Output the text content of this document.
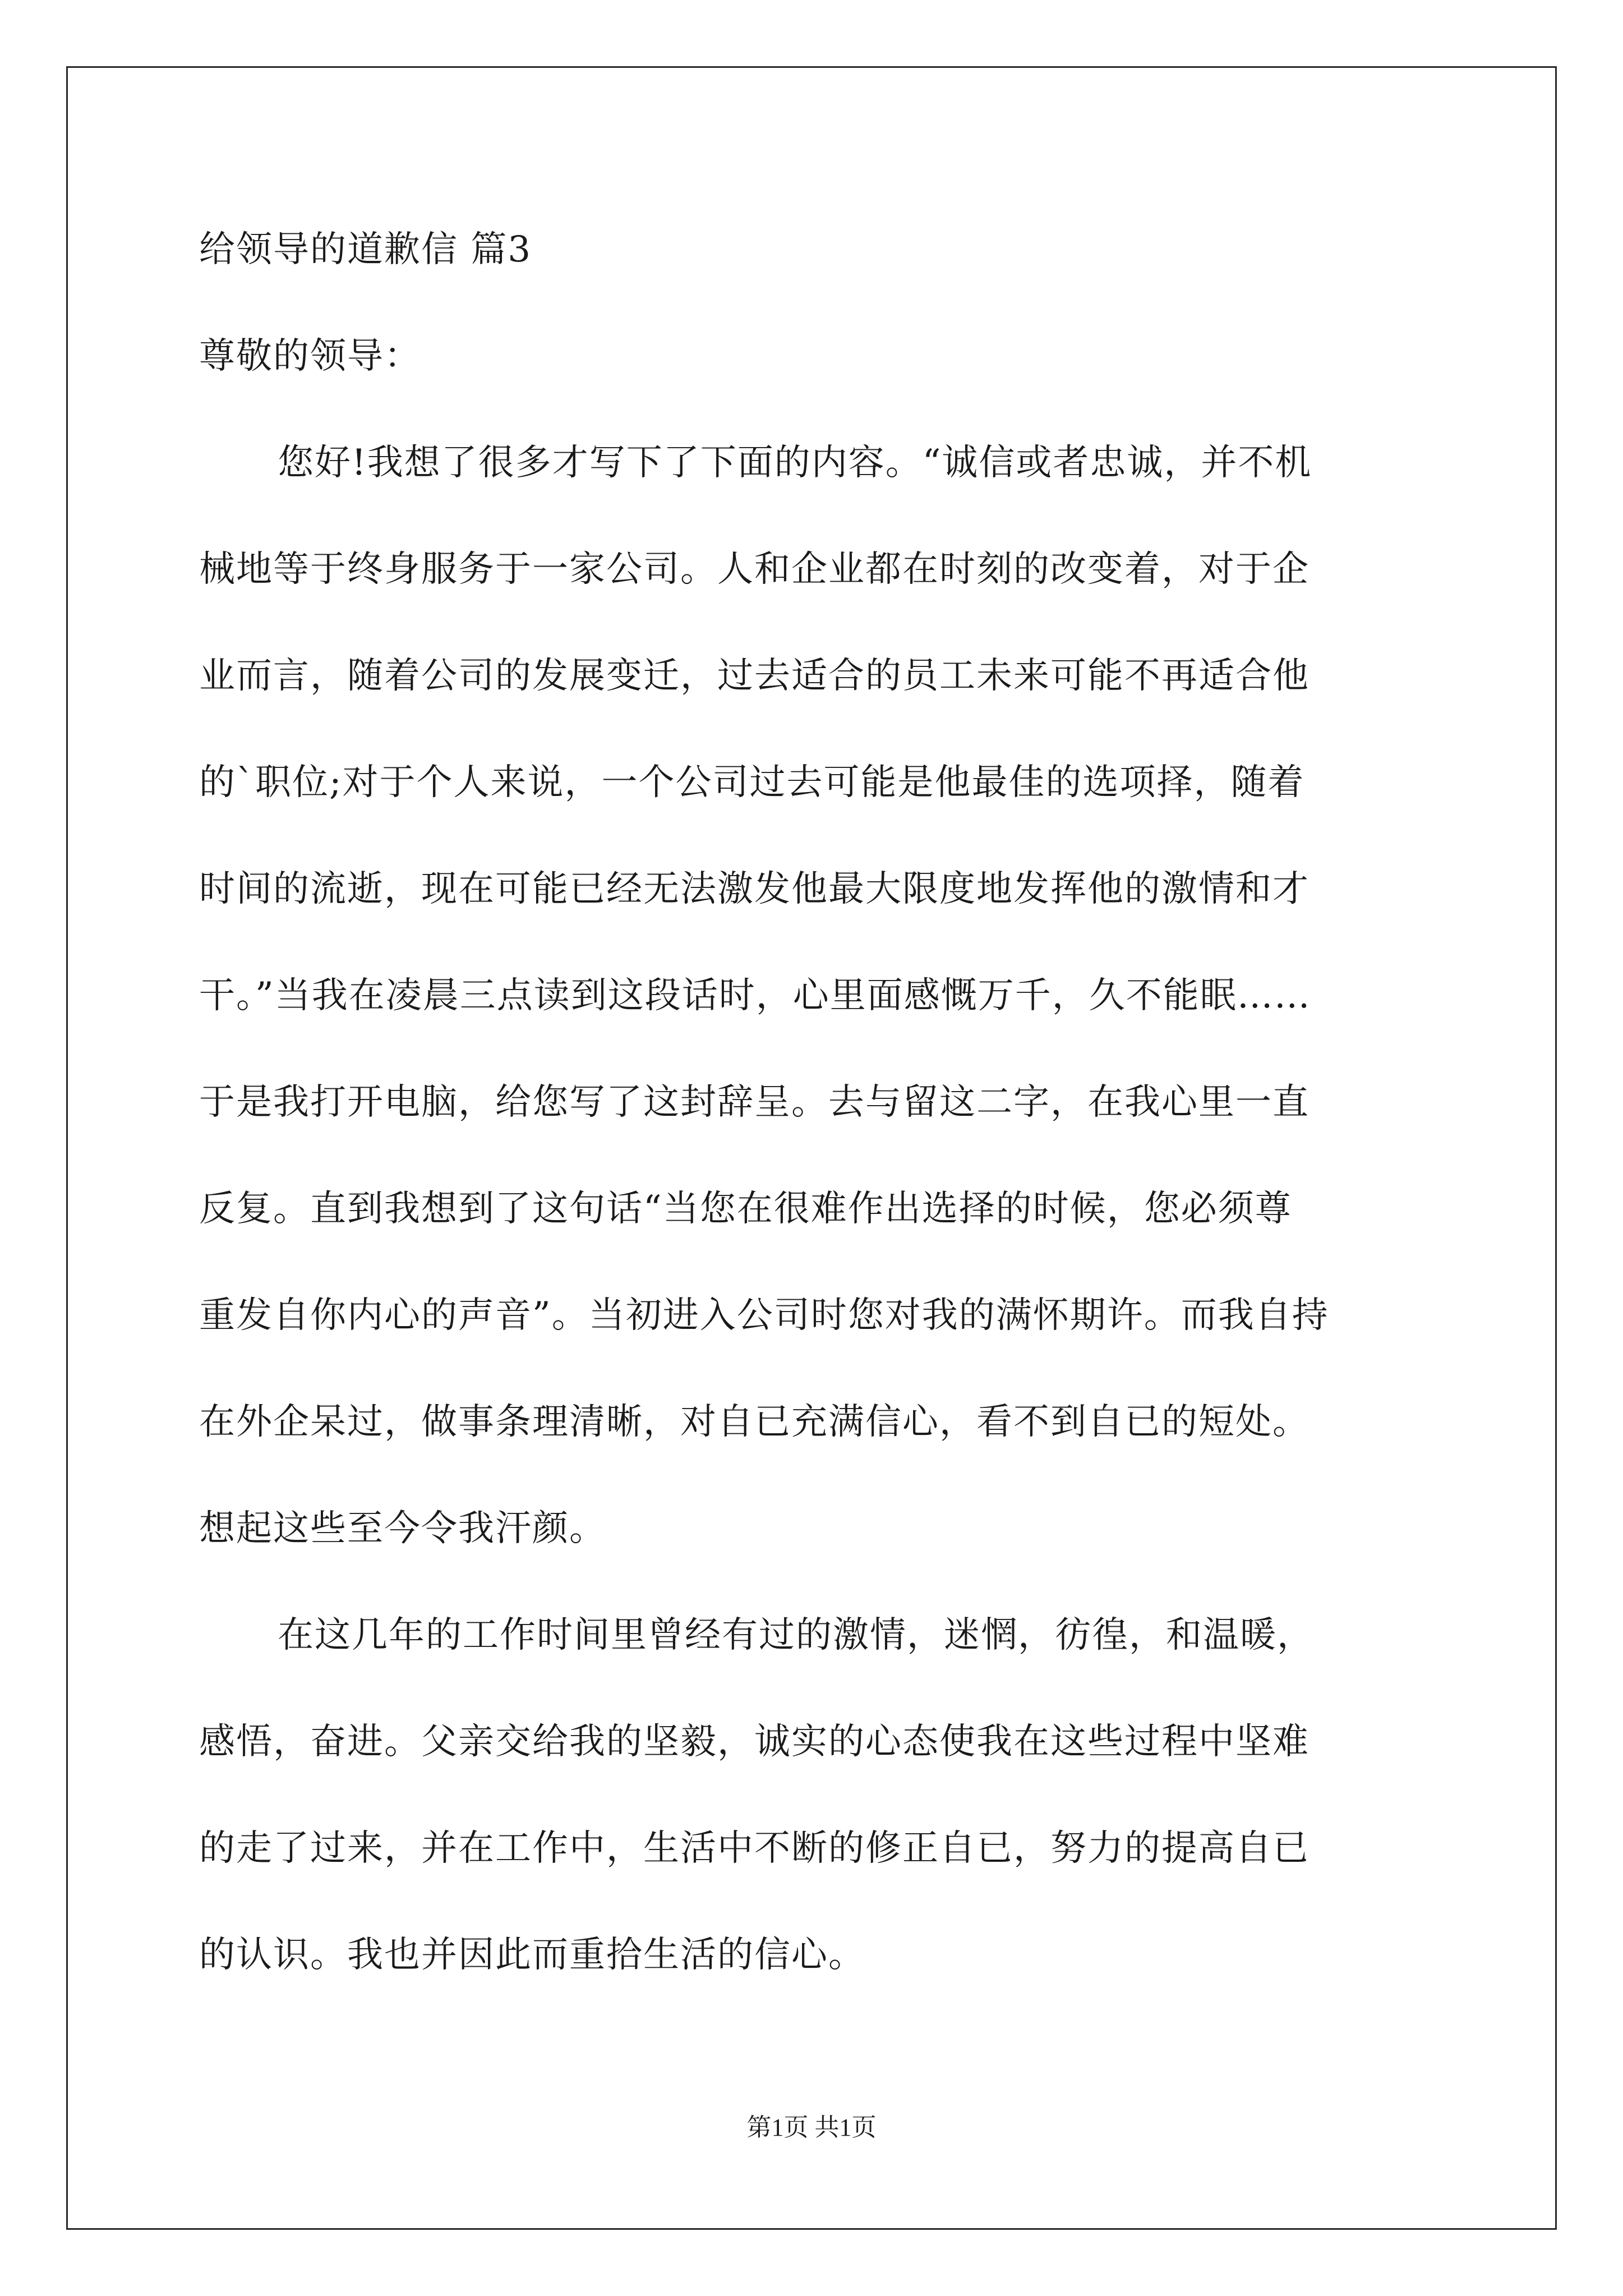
给领导的道歉信 篇3
尊敬的领导：
您好!我想了很多才写下了下面的内容。“诚信或者忠诚，并不机
械地等于终身服务于一家公司。人和企业都在时刻的改变着，对于企
业而言，随着公司的发展变迁，过去适合的员工未来可能不再适合他
的`职位;对于个人来说，一个公司过去可能是他最佳的选项择，随着
时间的流逝，现在可能已经无法激发他最大限度地发挥他的激情和才
干。”当我在凌晨三点读到这段话时，心里面感慨万千，久不能眠……
于是我打开电脑，给您写了这封辞呈。去与留这二字，在我心里一直
反复。直到我想到了这句话“当您在很难作出选择的时候，您必须尊
重发自你内心的声音”。当初进入公司时您对我的满怀期许。而我自持
在外企呆过，做事条理清晰，对自已充满信心，看不到自已的短处。
想起这些至今令我汗颜。
在这几年的工作时间里曾经有过的激情，迷惘，彷徨，和温暖，
感悟，奋进。父亲交给我的坚毅，诚实的心态使我在这些过程中坚难
的走了过来，并在工作中，生活中不断的修正自已，努力的提高自已
的认识。我也并因此而重拾生活的信心。
第1页 共1页
